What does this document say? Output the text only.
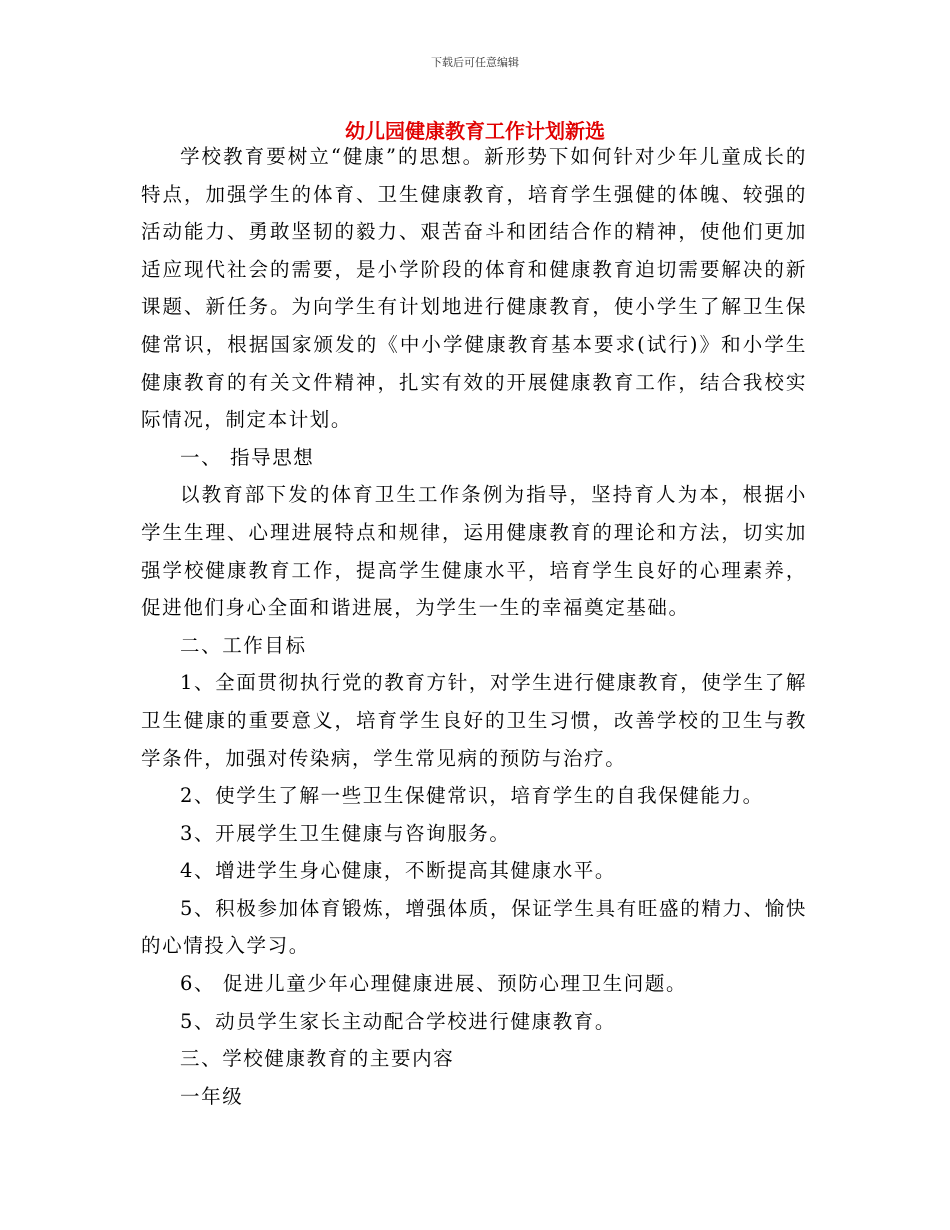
下载后可任意编辑
幼儿园健康教育工作计划新选

学校教育要树立“健康”的思想。新形势下如何针对少年儿童成长的特点，加强学生的体育、卫生健康教育，培育学生强健的体魄、较强的活动能力、勇敢坚韧的毅力、艰苦奋斗和团结合作的精神，使他们更加适应现代社会的需要，是小学阶段的体育和健康教育迫切需要解决的新课题、新任务。为向学生有计划地进行健康教育，使小学生了解卫生保健常识，根据国家颁发的《中小学健康教育基本要求(试行)》和小学生健康教育的有关文件精神，扎实有效的开展健康教育工作，结合我校实际情况，制定本计划。

一、 指导思想

以教育部下发的体育卫生工作条例为指导，坚持育人为本，根据小学生生理、心理进展特点和规律，运用健康教育的理论和方法，切实加强学校健康教育工作，提高学生健康水平，培育学生良好的心理素养，促进他们身心全面和谐进展，为学生一生的幸福奠定基础。

二、工作目标

1、全面贯彻执行党的教育方针，对学生进行健康教育，使学生了解卫生健康的重要意义，培育学生良好的卫生习惯，改善学校的卫生与教学条件，加强对传染病，学生常见病的预防与治疗。

2、使学生了解一些卫生保健常识，培育学生的自我保健能力。

3、开展学生卫生健康与咨询服务。

4、增进学生身心健康，不断提高其健康水平。

5、积极参加体育锻炼，增强体质，保证学生具有旺盛的精力、愉快的心情投入学习。

6、 促进儿童少年心理健康进展、预防心理卫生问题。

5、动员学生家长主动配合学校进行健康教育。

三、学校健康教育的主要内容

一年级
